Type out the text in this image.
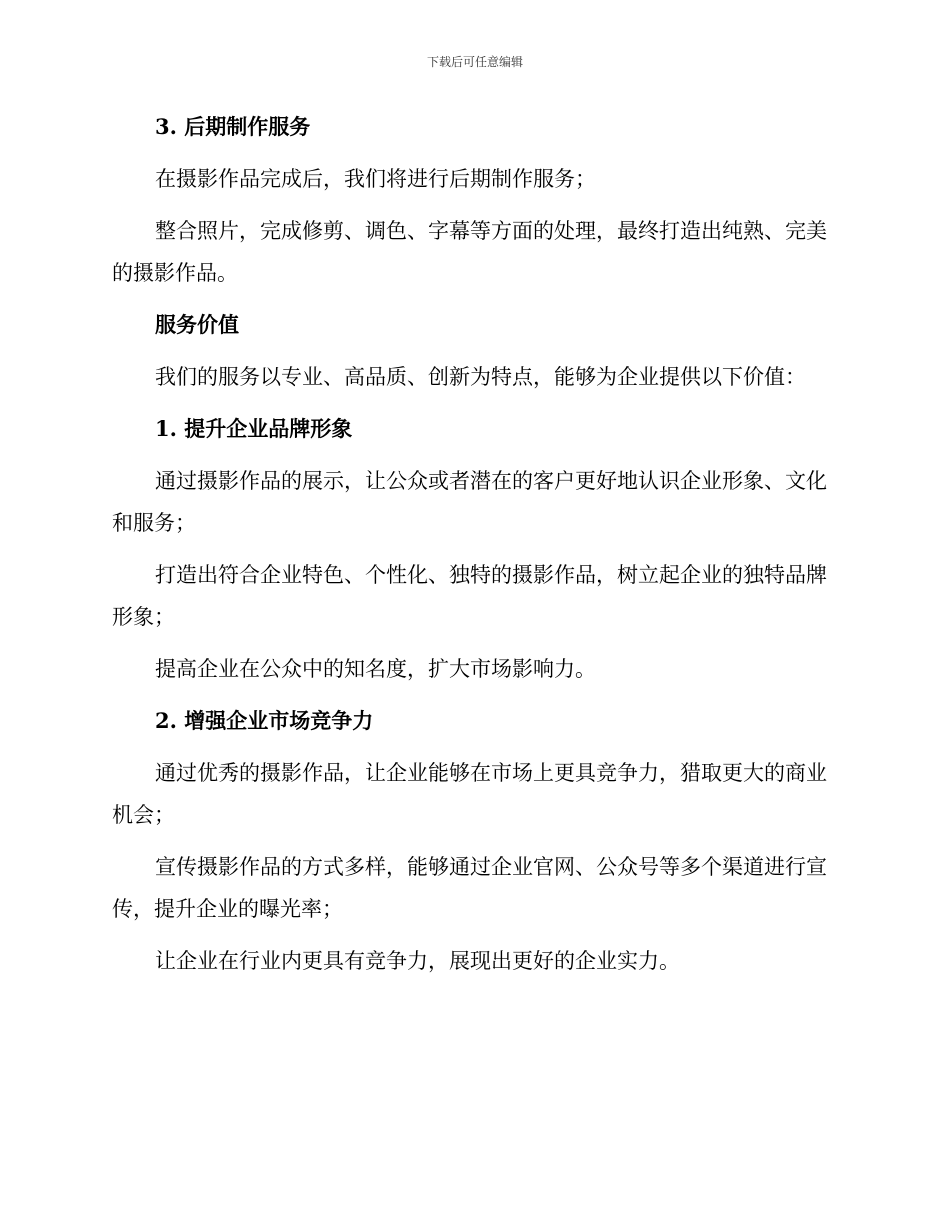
下载后可任意编辑

3. 后期制作服务

在摄影作品完成后，我们将进行后期制作服务；

整合照片，完成修剪、调色、字幕等方面的处理，最终打造出纯熟、完美的摄影作品。

服务价值

我们的服务以专业、高品质、创新为特点，能够为企业提供以下价值：

1. 提升企业品牌形象

通过摄影作品的展示，让公众或者潜在的客户更好地认识企业形象、文化和服务；

打造出符合企业特色、个性化、独特的摄影作品，树立起企业的独特品牌形象；

提高企业在公众中的知名度，扩大市场影响力。

2. 增强企业市场竞争力

通过优秀的摄影作品，让企业能够在市场上更具竞争力，猎取更大的商业机会；

宣传摄影作品的方式多样，能够通过企业官网、公众号等多个渠道进行宣传，提升企业的曝光率；

让企业在行业内更具有竞争力，展现出更好的企业实力。
